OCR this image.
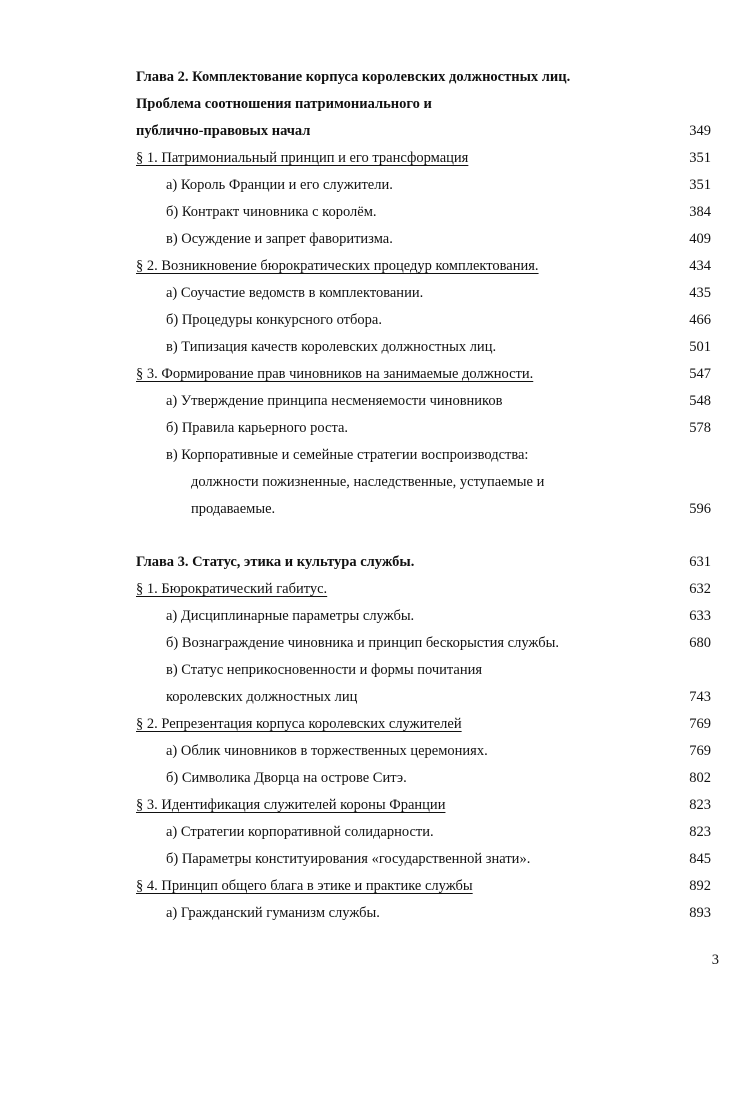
Глава 2. Комплектование корпуса королевских должностных лиц.
Проблема соотношения патримониального и
публично-правовых начал	349
§ 1. Патримониальный принцип и его трансформация	351
а) Король Франции и его служители.	351
б) Контракт чиновника с королём.	384
в) Осуждение и запрет фаворитизма.	409
§ 2. Возникновение бюрократических процедур комплектования.	434
а) Соучастие ведомств в комплектовании.	435
б) Процедуры конкурсного отбора.	466
в) Типизация качеств королевских должностных лиц.	501
§ 3. Формирование прав чиновников на занимаемые должности.	547
а) Утверждение принципа несменяемости чиновников	548
б) Правила карьерного роста.	578
в) Корпоративные и семейные стратегии воспроизводства:
должности пожизненные, наследственные, уступаемые и
продаваемые.	596
Глава 3. Статус, этика и культура службы.	631
§ 1. Бюрократический габитус.	632
а) Дисциплинарные параметры службы.	633
б) Вознаграждение чиновника и принцип бескорыстия службы.	680
в) Статус неприкосновенности и формы почитания
королевских должностных лиц	743
§ 2. Репрезентация корпуса королевских служителей	769
а) Облик чиновников в торжественных церемониях.	769
б) Символика Дворца на острове Ситэ.	802
§ 3. Идентификация служителей короны Франции	823
а) Стратегии корпоративной солидарности.	823
б) Параметры конституирования «государственной знати».	845
§ 4. Принцип общего блага в этике и практике службы	892
а) Гражданский гуманизм службы.	893
3
